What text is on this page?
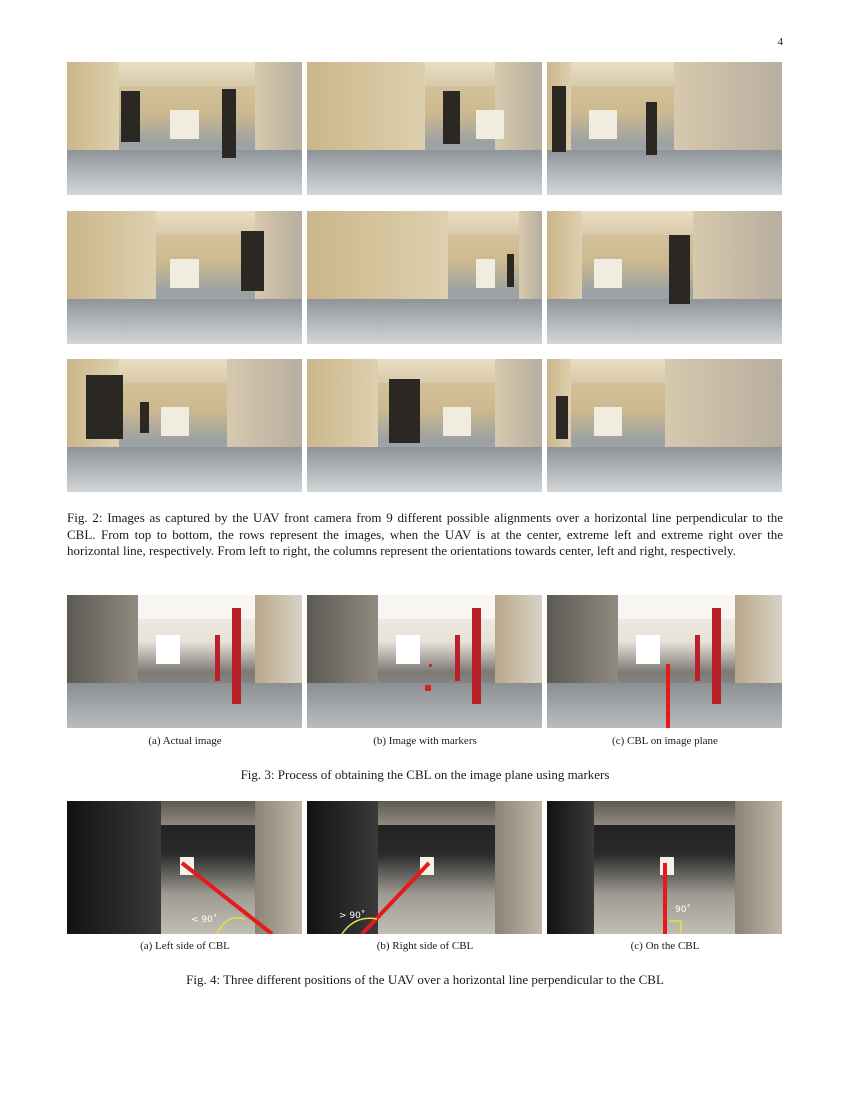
4
Fig. 2: Images as captured by the UAV front camera from 9 different possible alignments over a horizontal line perpendicular to the CBL. From top to bottom, the rows represent the images, when the UAV is at the center, extreme left and extreme right over the horizontal line, respectively. From left to right, the columns represent the orientations towards center, left and right, respectively.
(a) Actual image	(b) Image with markers	(c) CBL on image plane
Fig. 3: Process of obtaining the CBL on the image plane using markers
< 90˚	> 90˚
90˚
(a) Left side of CBL	(b) Right side of CBL	(c) On the CBL
Fig. 4: Three different positions of the UAV over a horizontal line perpendicular to the CBL
